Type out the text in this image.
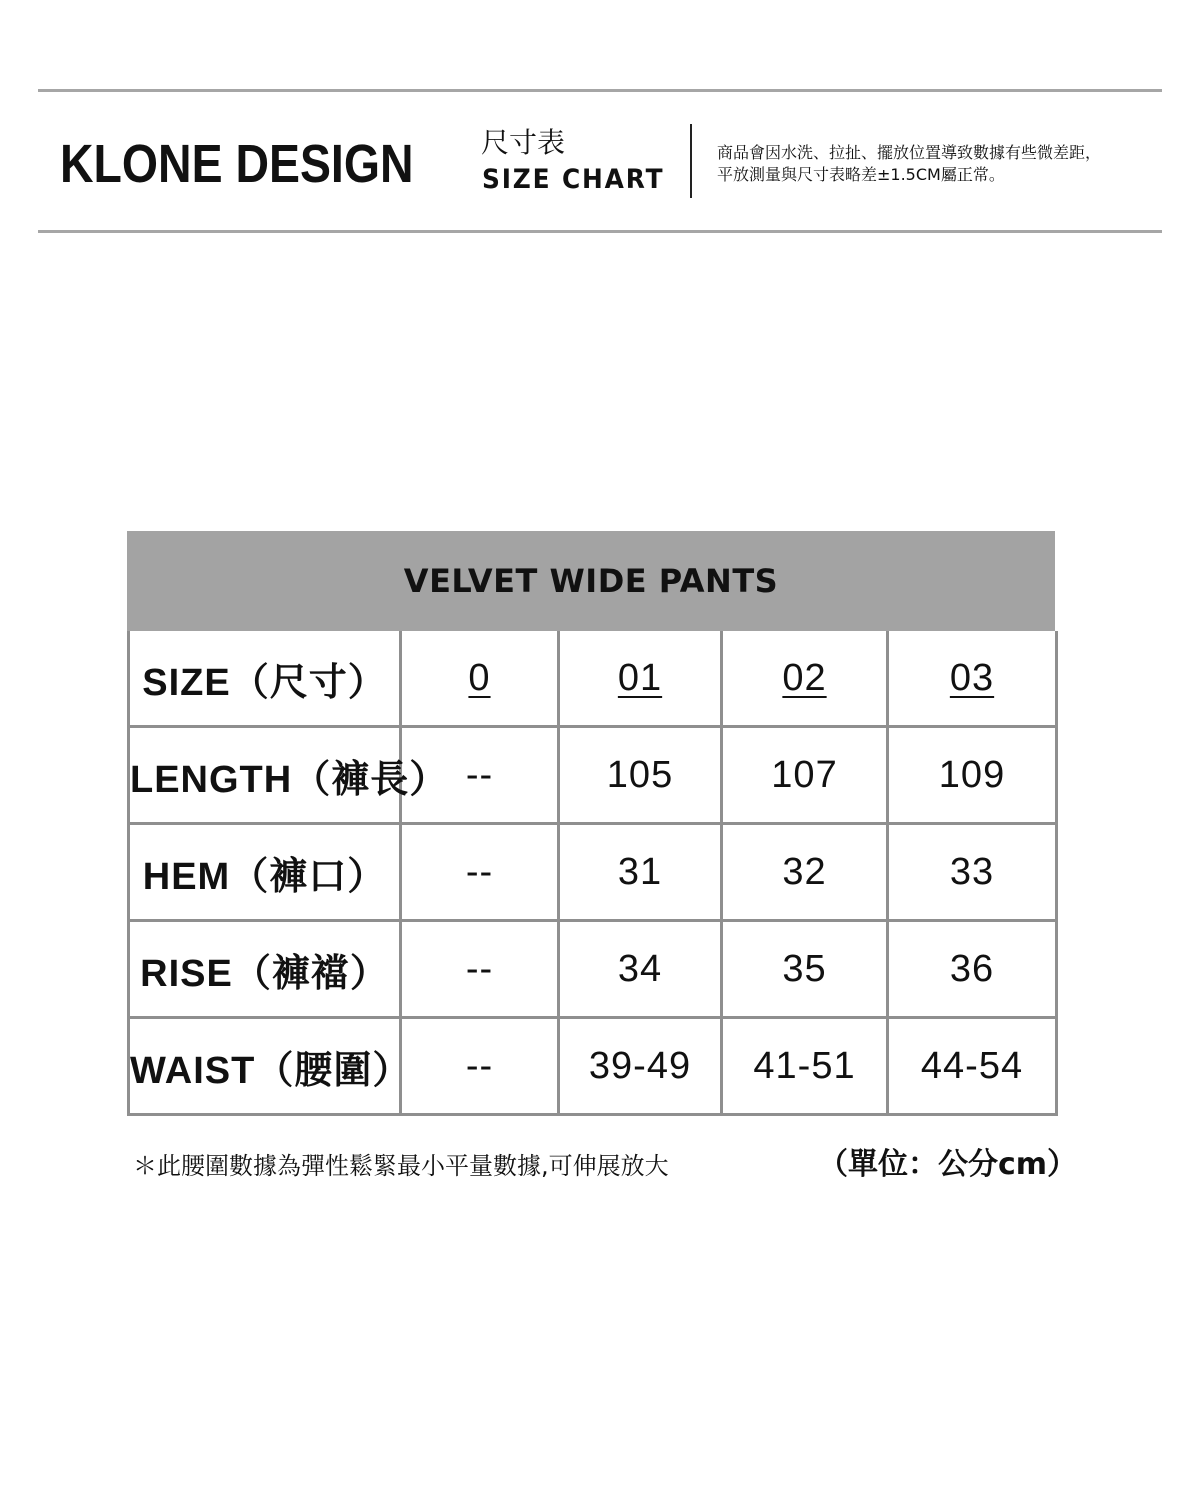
KLONE DESIGN 尺寸表
SIZE CHART
商品會因水洗、拉扯、擺放位置導致數據有些微差距，
平放測量與尺寸表略差±1.5CM屬正常。
VELVET WIDE PANTS
SIZE（尺寸）	0	01	02	03
LENGTH（褲長）	--	105	107	109
HEM（褲口）	--	31	32	33
RISE（褲襠）	--	34	35	36
WAIST（腰圍）	--	39-49	41-51	44-54
＊此腰圍數據為彈性鬆緊最小平量數據,可伸展放大	（單位：公分cm）
